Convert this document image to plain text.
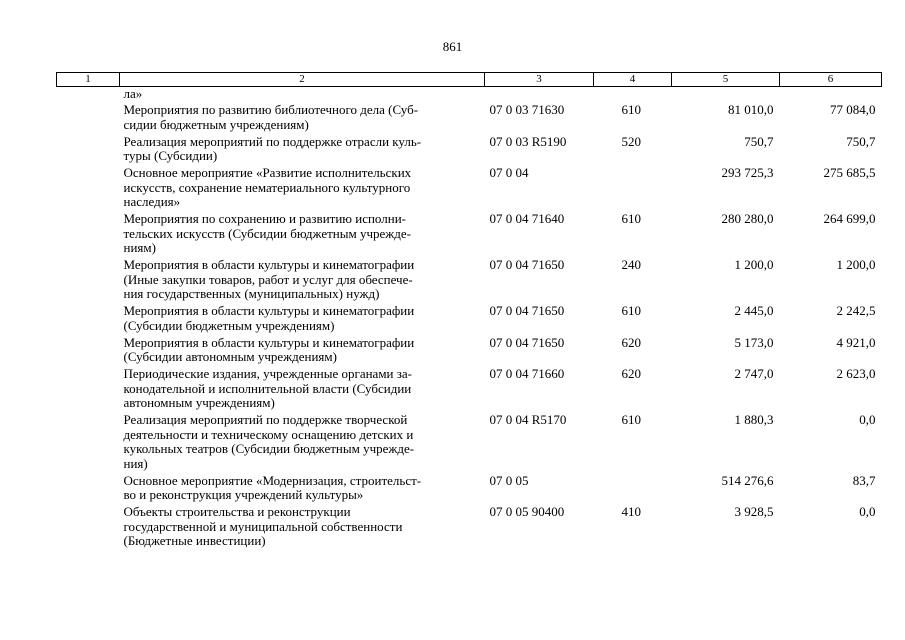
861
1	2	3	4	5	6
	ла»				
	Мероприятия по развитию библиотечного дела (Суб-
сидии бюджетным учреждениям)	07 0 03 71630	610	81 010,0	77 084,0
	Реализация мероприятий по поддержке отрасли куль-
туры (Субсидии)	07 0 03 R5190	520	750,7	750,7
	Основное мероприятие «Развитие исполнительских
искусств, сохранение нематериального культурного
наследия»	07 0 04		293 725,3	275 685,5
	Мероприятия по сохранению и развитию исполни-
тельских искусств (Субсидии бюджетным учрежде-
ниям)	07 0 04 71640	610	280 280,0	264 699,0
	Мероприятия в области культуры и кинематографии
(Иные закупки товаров, работ и услуг для обеспече-
ния государственных (муниципальных) нужд)	07 0 04 71650	240	1 200,0	1 200,0
	Мероприятия в области культуры и кинематографии
(Субсидии бюджетным учреждениям)	07 0 04 71650	610	2 445,0	2 242,5
	Мероприятия в области культуры и кинематографии
(Субсидии автономным учреждениям)	07 0 04 71650	620	5 173,0	4 921,0
	Периодические издания, учрежденные органами за-
конодательной и исполнительной власти (Субсидии
автономным учреждениям)	07 0 04 71660	620	2 747,0	2 623,0
	Реализация мероприятий по поддержке творческой
деятельности и техническому оснащению детских и
кукольных театров (Субсидии бюджетным учрежде-
ния)	07 0 04 R5170	610	1 880,3	0,0
	Основное мероприятие «Модернизация, строительст-
во и реконструкция учреждений культуры»	07 0 05		514 276,6	83,7
	Объекты строительства и реконструкции
государственной и муниципальной собственности
(Бюджетные инвестиции)	07 0 05 90400	410	3 928,5	0,0
